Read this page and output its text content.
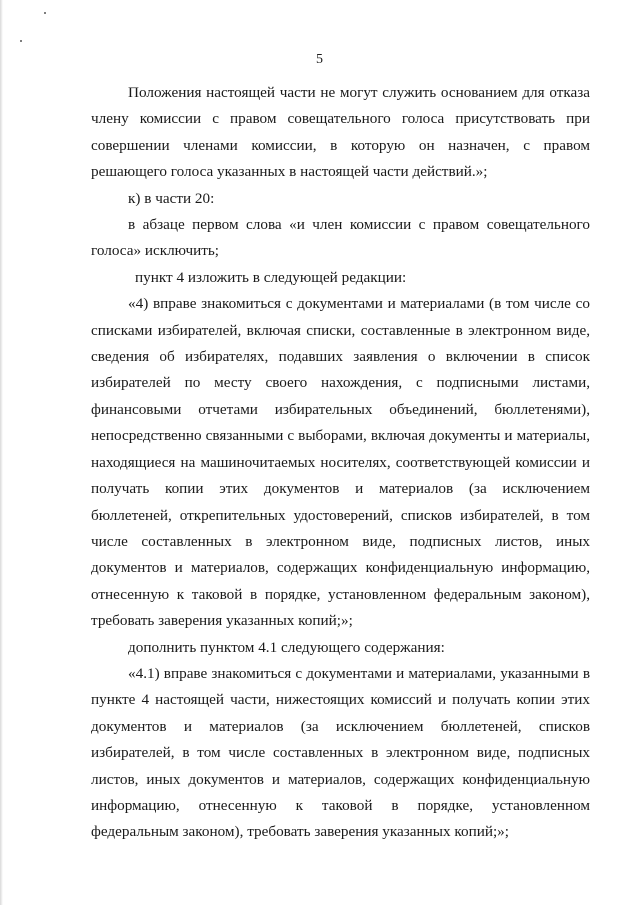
5

Положения настоящей части не могут служить основанием для отказа члену комиссии с правом совещательного голоса присутствовать при совершении членами комиссии, в которую он назначен, с правом решающего голоса указанных в настоящей части действий.»;

к) в части 20:

в абзаце первом слова «и член комиссии с правом совещательного голоса» исключить;

пункт 4 изложить в следующей редакции:

«4) вправе знакомиться с документами и материалами (в том числе со списками избирателей, включая списки, составленные в электронном виде, сведения об избирателях, подавших заявления о включении в список избирателей по месту своего нахождения, с подписными листами, финансовыми отчетами избирательных объединений, бюллетенями), непосредственно связанными с выборами, включая документы и материалы, находящиеся на машиночитаемых носителях, соответствующей комиссии и получать копии этих документов и материалов (за исключением бюллетеней, открепительных удостоверений, списков избирателей, в том числе составленных в электронном виде, подписных листов, иных документов и материалов, содержащих конфиденциальную информацию, отнесенную к таковой в порядке, установленном федеральным законом), требовать заверения указанных копий;»;

дополнить пунктом 4.1 следующего содержания:

«4.1) вправе знакомиться с документами и материалами, указанными в пункте 4 настоящей части, нижестоящих комиссий и получать копии этих документов и материалов (за исключением бюллетеней, списков избирателей, в том числе составленных в электронном виде, подписных листов, иных документов и материалов, содержащих конфиденциальную информацию, отнесенную к таковой в порядке, установленном федеральным законом), требовать заверения указанных копий;»;
